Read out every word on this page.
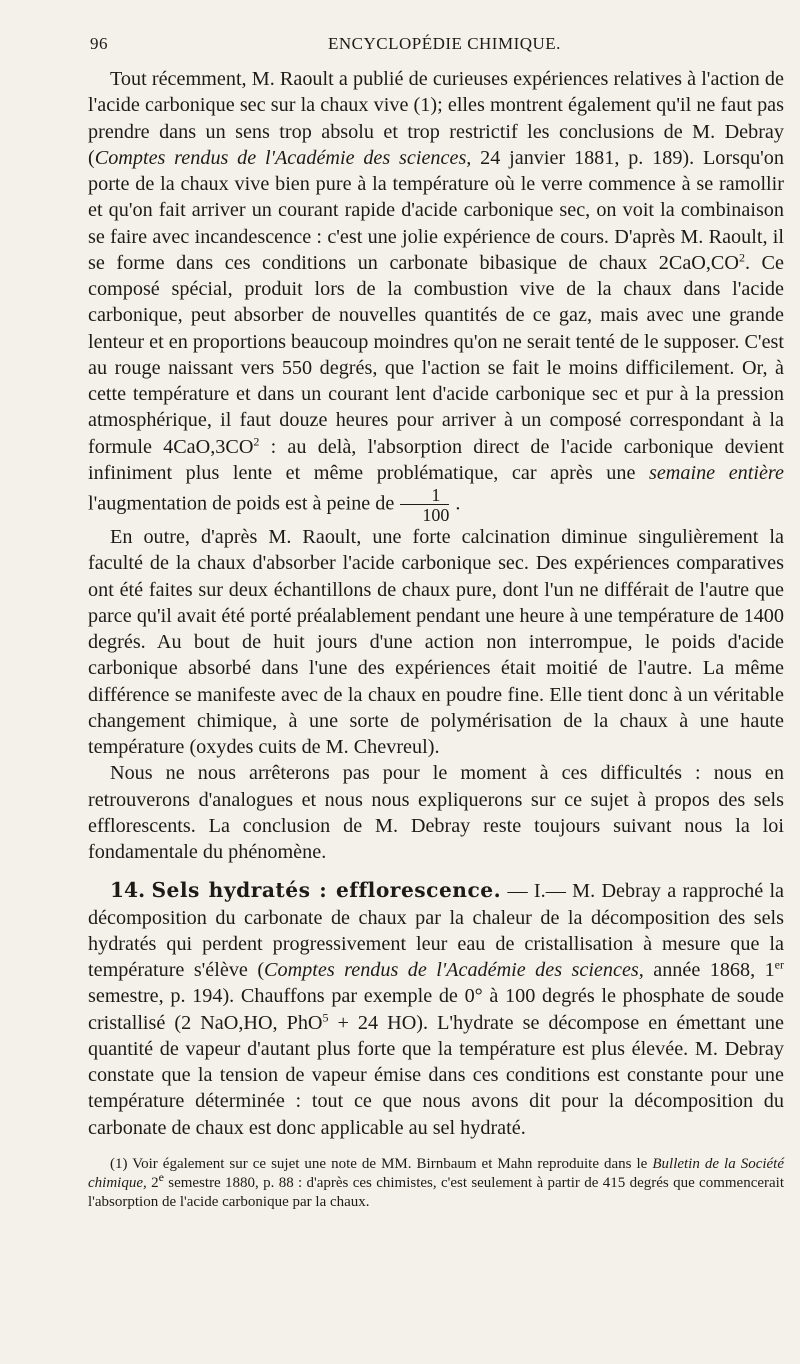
96	ENCYCLOPÉDIE CHIMIQUE.

Tout récemment, M. Raoult a publié de curieuses expériences relatives à l'action de l'acide carbonique sec sur la chaux vive (1); elles montrent également qu'il ne faut pas prendre dans un sens trop absolu et trop restrictif les conclusions de M. Debray (Comptes rendus de l'Académie des sciences, 24 janvier 1881, p. 189). Lorsqu'on porte de la chaux vive bien pure à la température où le verre commence à se ramollir et qu'on fait arriver un courant rapide d'acide carbonique sec, on voit la combinaison se faire avec incandescence : c'est une jolie expérience de cours. D'après M. Raoult, il se forme dans ces conditions un carbonate bibasique de chaux $2CaO,CO^2$. Ce composé spécial, produit lors de la combustion vive de la chaux dans l'acide carbonique, peut absorber de nouvelles quantités de ce gaz, mais avec une grande lenteur et en proportions beaucoup moindres qu'on ne serait tenté de le supposer. C'est au rouge naissant vers 550 degrés, que l'action se fait le moins difficilement. Or, à cette température et dans un courant lent d'acide carbonique sec et pur à la pression atmosphérique, il faut douze heures pour arriver à un composé correspondant à la formule $4CaO,3CO^2$ : au delà, l'absorption direct de l'acide carbonique devient infiniment plus lente et même problématique, car après une semaine entière l'augmentation de poids est à peine de $\frac{1}{100}$ .

En outre, d'après M. Raoult, une forte calcination diminue singulièrement la faculté de la chaux d'absorber l'acide carbonique sec. Des expériences comparatives ont été faites sur deux échantillons de chaux pure, dont l'un ne différait de l'autre que parce qu'il avait été porté préalablement pendant une heure à une température de 1400 degrés. Au bout de huit jours d'une action non interrompue, le poids d'acide carbonique absorbé dans l'une des expériences était moitié de l'autre. La même différence se manifeste avec de la chaux en poudre fine. Elle tient donc à un véritable changement chimique, à une sorte de polymérisation de la chaux à une haute température (oxydes cuits de M. Chevreul).

Nous ne nous arrêterons pas pour le moment à ces difficultés : nous en retrouverons d'analogues et nous nous expliquerons sur ce sujet à propos des sels efflorescents. La conclusion de M. Debray reste toujours suivant nous la loi fondamentale du phénomène.

14. Sels hydratés : efflorescence. — I.— M. Debray a rapproché la décomposition du carbonate de chaux par la chaleur de la décomposition des sels hydratés qui perdent progressivement leur eau de cristallisation à mesure que la température s'élève (Comptes rendus de l'Académie des sciences, année 1868, 1er semestre, p. 194). Chauffons par exemple de 0° à 100 degrés le phosphate de soude cristallisé (2 NaO,HO, PhO$^5$ + 24 HO). L'hydrate se décompose en émettant une quantité de vapeur d'autant plus forte que la température est plus élevée. M. Debray constate que la tension de vapeur émise dans ces conditions est constante pour une température déterminée : tout ce que nous avons dit pour la décomposition du carbonate de chaux est donc applicable au sel hydraté.

(1) Voir également sur ce sujet une note de MM. Birnbaum et Mahn reproduite dans le Bulletin de la Société chimique, 2e semestre 1880, p. 88 : d'après ces chimistes, c'est seulement à partir de 415 degrés que commencerait l'absorption de l'acide carbonique par la chaux.
